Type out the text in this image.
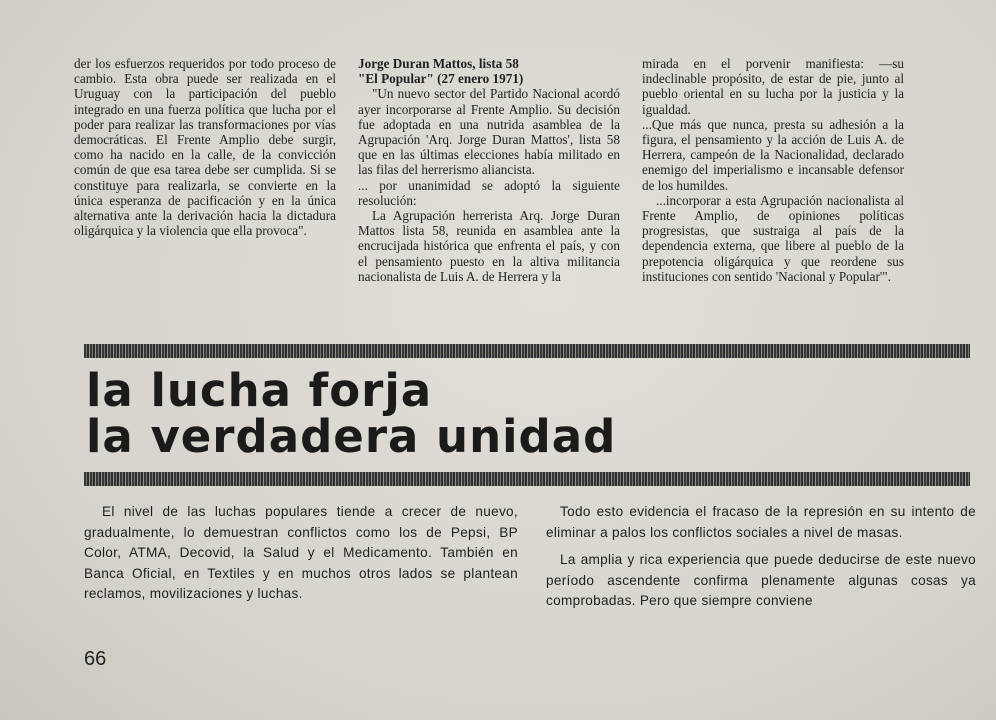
der los esfuerzos requeridos por todo proceso de cambio. Esta obra puede ser realizada en el Uruguay con la participación del pueblo integrado en una fuerza política que lucha por el poder para realizar las transformaciones por vías democráticas. El Frente Amplio debe surgir, como ha nacido en la calle, de la convicción común de que esa tarea debe ser cumplida. Si se constituye para realizarla, se convierte en la única esperanza de pacificación y en la única alternativa ante la derivación hacia la dictadura oligárquica y la violencia que ella provoca".

Jorge Duran Mattos, lista 58
"El Popular" (27 enero 1971)

"Un nuevo sector del Partido Nacional acordó ayer incorporarse al Frente Amplio. Su decisión fue adoptada en una nutrida asamblea de la Agrupación 'Arq. Jorge Duran Mattos', lista 58 que en las últimas elecciones había militado en las filas del herrerismo aliancista.

... por unanimidad se adoptó la siguiente resolución:

La Agrupación herrerista Arq. Jorge Duran Mattos lista 58, reunida en asamblea ante la encrucijada histórica que enfrenta el país, y con el pensamiento puesto en la altiva militancia nacionalista de Luis A. de Herrera y la

mirada en el porvenir manifiesta: —su indeclinable propósito, de estar de pie, junto al pueblo oriental en su lucha por la justicia y la igualdad.

...Que más que nunca, presta su adhesión a la figura, el pensamiento y la acción de Luis A. de Herrera, campeón de la Nacionalidad, declarado enemigo del imperialismo e incansable defensor de los humildes.

...incorporar a esta Agrupación nacionalista al Frente Amplio, de opiniones políticas progresistas, que sustraiga al país de la dependencia externa, que libere al pueblo de la prepotencia oligárquica y que reordene sus instituciones con sentido 'Nacional y Popular'".

la lucha forja
la verdadera unidad

El nivel de las luchas populares tiende a crecer de nuevo, gradualmente, lo demuestran conflictos como los de Pepsi, BP Color, ATMA, Decovid, la Salud y el Medicamento. También en Banca Oficial, en Textiles y en muchos otros lados se plantean reclamos, movilizaciones y luchas.

Todo esto evidencia el fracaso de la represión en su intento de eliminar a palos los conflictos sociales a nivel de masas.

La amplia y rica experiencia que puede deducirse de este nuevo período ascendente confirma plenamente algunas cosas ya comprobadas. Pero que siempre conviene

66
